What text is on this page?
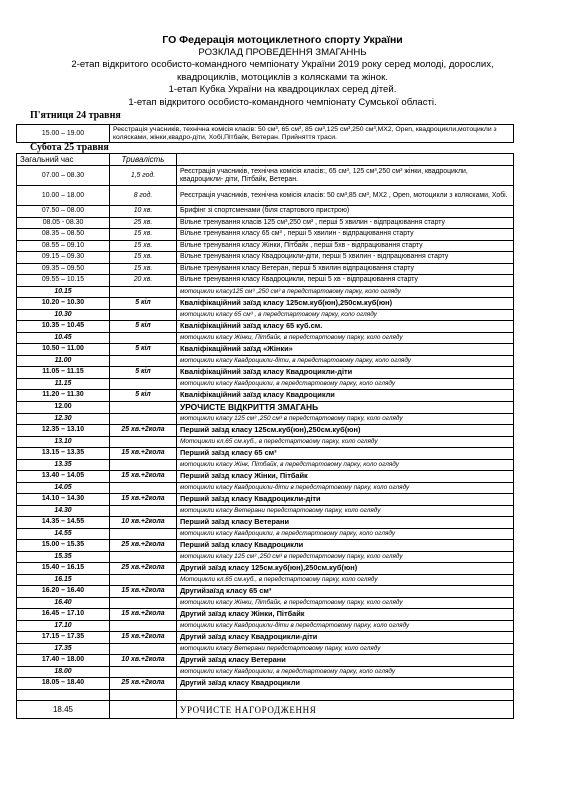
ГО Федерація мотоциклетного спорту України
РОЗКЛАД ПРОВЕДЕННЯ ЗМАГАННЬ
2-етап відкритого особисто-командного чемпіонату України 2019 року серед молоді, дорослих,
квадроциклів, мотоциклів з колясками та жінок.
1-етап Кубка України на квадроциклах серед дітей.
1-етап відкритого особисто-командного чемпіонату Сумської області.
П'ятниця 24 травня
15.00 – 19.00	Реєстрація учасників, технічна комісія класів: 50 см³, 65 см³, 85 см³,125 см³,250 см³,МХ2, Open, квадроцикли,мотоцикли з колясками, жінки,квадро-діти, Хобі,Пітбайк, Ветеран. Прийняття траси.
Субота 25 травня
Загальний час	Тривалість	
07.00 – 08.30	1,5 год.	Реєстрація учасників, технічна комісія класів:, 65 см³, 125 см³,250 см³ жінки, квадроцикли, квадроцикли- діти, Пітбайк, Ветеран.
10.00 – 18.00	8 год.	Реєстрація учасників, технічна комісія класів: 50 см³,85 см³, МХ2 , Open, мотоцикли з колясками, Хобі.
07.50 – 08.00	10 хв.	Брифінг зі спортсменами (біля стартового пристрою)
08.05 - 08.30	25 хв.	Вільне тренування класів 125 см³,250 см³ , перші 5 хвилин - відпрацювання старту
08.35 – 08.50	15 хв.	Вільне тренування класу 65 см³ , перші 5 хвилин - відпрацювання старту
08.55 – 09.10	15 хв.	Вільне тренування класу Жінки, Пітбайк , перші 5хв - відпрацювання старту
09.15 – 09.30	15 хв.	Вільне тренування класу Квадроцикли-діти, перші 5 хвилин - відпрацювання старту
09.35 – 09.50	15 хв.	Вільне тренування класу Ветеран, перші 5 хвилин відпрацювання старту
09.55 – 10.15	20 хв.	Вільне тренування класу Квадроцикли, перші 5 хв - відпрацювання старту
10.15		мотоцикли класу125 см³ ,250 см³ в передстартовому парку, коло огляду
10.20 – 10.30	5 кіл	Кваліфікаційний заїзд класу 125см.куб(юн),250см.куб(юн)
10.30		мотоцикли класу 65 см³ , в передстартовому парку, коло огляду
10.35 – 10.45	5 кіл	Кваліфікаційний заїзд класу 65 куб.см.
10.45		мотоцикли класу Жінки, Пітбайк, в передстартовому парку, коло огляду
10.50 – 11.00	5 кіл	Кваліфікаційний заїзд «Жінки»
11.00		мотоцикли класу Квадроцикли-діти, в передстартовому парку, коло огляду
11.05 – 11.15	5 кіл	Кваліфікаційний заїзд класу Квадроцикли-діти
11.15		мотоцикли класу Квадроцикли, в передстартовому парку, коло огляду
11.20 – 11.30	5 кіл	Кваліфікаційний заїзд класу Квадроцикли
12.00		УРОЧИСТЕ ВІДКРИТТЯ ЗМАГАНЬ
12.30		мотоцикли класу 125 см³ ,250 см³ в передстартовому парку, коло огляду
12.35 – 13.10	25 хв.+2кола	Перший заїзд класу 125см.куб(юн),250см.куб(юн)
13.10		Мотоцикли кл.65 см.куб., в передстартовому парку, коло огляду
13.15 – 13.35	15 хв.+2кола	Перший заїзд класу 65 см³
13.35		мотоцикли класу Жінк, Пітбайк, в передстартовому парку, коло огляду
13.40 – 14.05	15 хв.+2кола	Перший заїзд класу Жінки, Пітбайк
14.05		мотоцикли класу Квадроцикли-діти в передстартовому парку, коло огляду
14.10 – 14.30	15 хв.+2кола	Перший заїзд класу Квадроцикли-діти
14.30		мотоцикли класу Ветерани передстартовому парку, коло огляду
14.35 – 14.55	10 хв.+2кола	Перший заїзд класу Ветерани
14.55		мотоцикли класу Квадроцикли, в передстартовому парку, коло огляду
15.00 – 15.35	25 хв.+2кола	Перший заїзд класу Квадроцикли
15.35		мотоцикли класу 125 см³ ,250 см³ в передстартовому парку, коло огляду
15.40 – 16.15	25 хв.+2кола	Другий заїзд класу 125см.куб(юн),250см.куб(юн)
16.15		Мотоцикли кл.65 см.куб., в передстартовому парку, коло огляду
16.20 – 16.40	15 хв.+2кола	Другийзаїзд класу 65 см³
16.40		мотоцикли класу Жінки, Пітбайк, в передстартовому парку, коло огляду
16.45 – 17.10	15 хв.+2кола	Другий заїзд класу Жінки, Пітбайк
17.10		мотоцикли класу Квадроцикли-діти в передстартовому парку, коло огляду
17.15 – 17.35	15 хв.+2кола	Другий заїзд класу Квадроцикли-діти
17.35		мотоцикли класу Ветерани передстартовому парку, коло огляду
17.40 – 18.00	10 хв.+2кола	Другий заїзд класу Ветерани
18.00		мотоцикли класу Квадроцикли, в передстартовому парку, коло огляду
18.05 – 18.40	25 хв.+2кола	Другий заїзд класу Квадроцикли

18.45		УРОЧИСТЕ НАГОРОДЖЕННЯ
